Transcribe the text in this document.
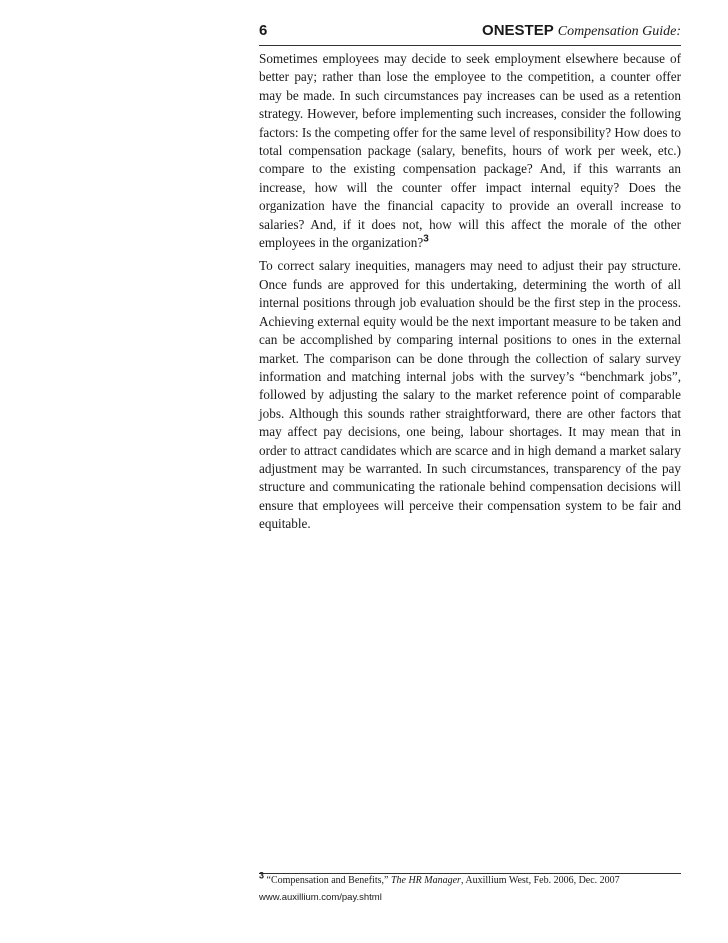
6	ONESTEP Compensation Guide:

Sometimes employees may decide to seek employment elsewhere because of better pay; rather than lose the employee to the competition, a counter offer may be made. In such circumstances pay increases can be used as a retention strategy. However, before implementing such increases, consider the following factors: Is the competing offer for the same level of responsibility? How does to total compensation package (salary, benefits, hours of work per week, etc.) compare to the existing compensation package? And, if this warrants an increase, how will the counter offer impact internal equity? Does the organization have the financial capacity to provide an overall increase to salaries? And, if it does not, how will this affect the morale of the other employees in the organization?$^3$

To correct salary inequities, managers may need to adjust their pay structure. Once funds are approved for this undertaking, determining the worth of all internal positions through job evaluation should be the first step in the process. Achieving external equity would be the next important measure to be taken and can be accomplished by comparing internal positions to ones in the external market. The comparison can be done through the collection of salary survey information and matching internal jobs with the survey’s “benchmark jobs”, followed by adjusting the salary to the market reference point of comparable jobs. Although this sounds rather straightforward, there are other factors that may affect pay decisions, one being, labour shortages. It may mean that in order to attract candidates which are scarce and in high demand a market salary adjustment may be warranted. In such circumstances, transparency of the pay structure and communicating the rationale behind compensation decisions will ensure that employees will perceive their compensation system to be fair and equitable.

3 “Compensation and Benefits,” The HR Manager, Auxillium West, Feb. 2006, Dec. 2007
www.auxillium.com/pay.shtml
